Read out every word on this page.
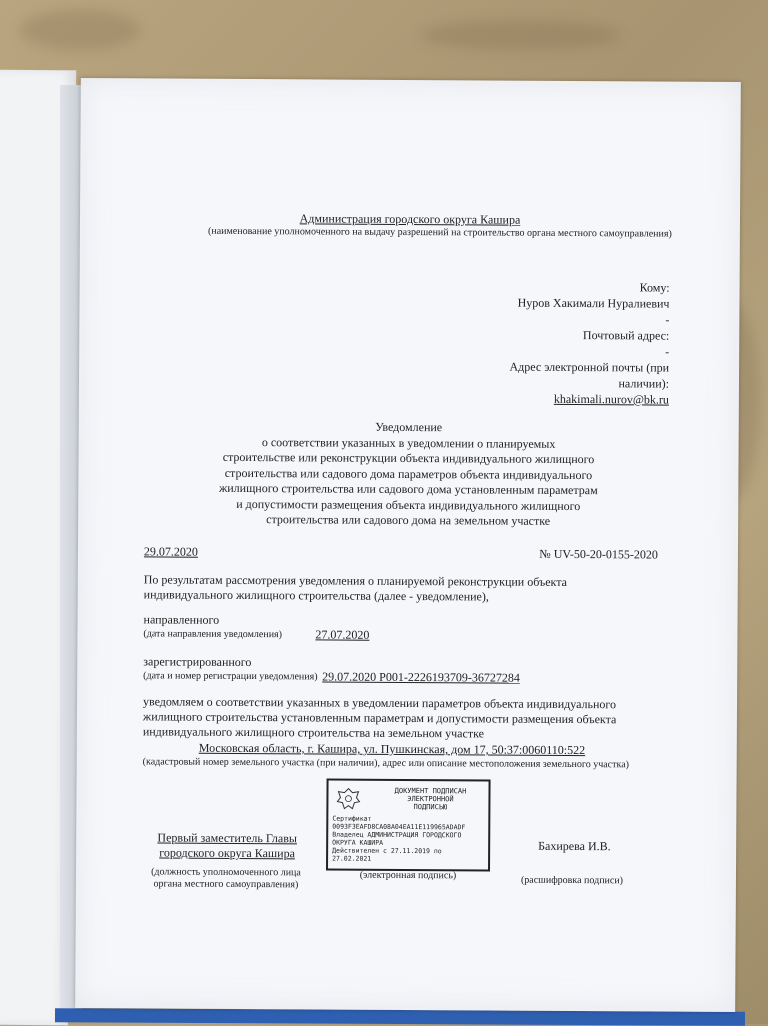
Администрация городского округа Кашира
(наименование уполномоченного на выдачу разрешений на строительство органа местного самоуправления)
Кому:
Нуров Хакимали Нуралиевич
-
Почтовый адрес:
-
Адрес электронной почты (при
наличии):
khakimali.nurov@bk.ru
Уведомление
о соответствии указанных в уведомлении о планируемых
строительстве или реконструкции объекта индивидуального жилищного
строительства или садового дома параметров объекта индивидуального
жилищного строительства или садового дома установленным параметрам
и допустимости размещения объекта индивидуального жилищного
строительства или садового дома на земельном участке
29.07.2020	№ UV-50-20-0155-2020
По результатам рассмотрения уведомления о планируемой реконструкции объекта
индивидуального жилищного строительства (далее - уведомление),
направленного
(дата направления уведомления)	27.07.2020
зарегистрированного
(дата и номер регистрации уведомления) 29.07.2020 P001-2226193709-36727284
уведомляем о соответствии указанных в уведомлении параметров объекта индивидуального
жилищного строительства установленным параметрам и допустимости размещения объекта
индивидуального жилищного строительства на земельном участке
Московская область, г. Кашира, ул. Пушкинская, дом 17, 50:37:0060110:522
(кадастровый номер земельного участка (при наличии), адрес или описание местоположения земельного участка)
ДОКУМЕНТ ПОДПИСАН
ЭЛЕКТРОННОЙ
ПОДПИСЬЮ
Сертификат
0093F3EAFD8CA08A04EA11E119965ADADF
Владелец АДМИНИСТРАЦИЯ ГОРОДСКОГО
ОКРУГА КАШИРА
Действителен с 27.11.2019 по
27.02.2021
Первый заместитель Главы
городского округа Кашира
(должность уполномоченного лица
органа местного самоуправления)
(электронная подпись)
Бахирева И.В.
(расшифровка подписи)
